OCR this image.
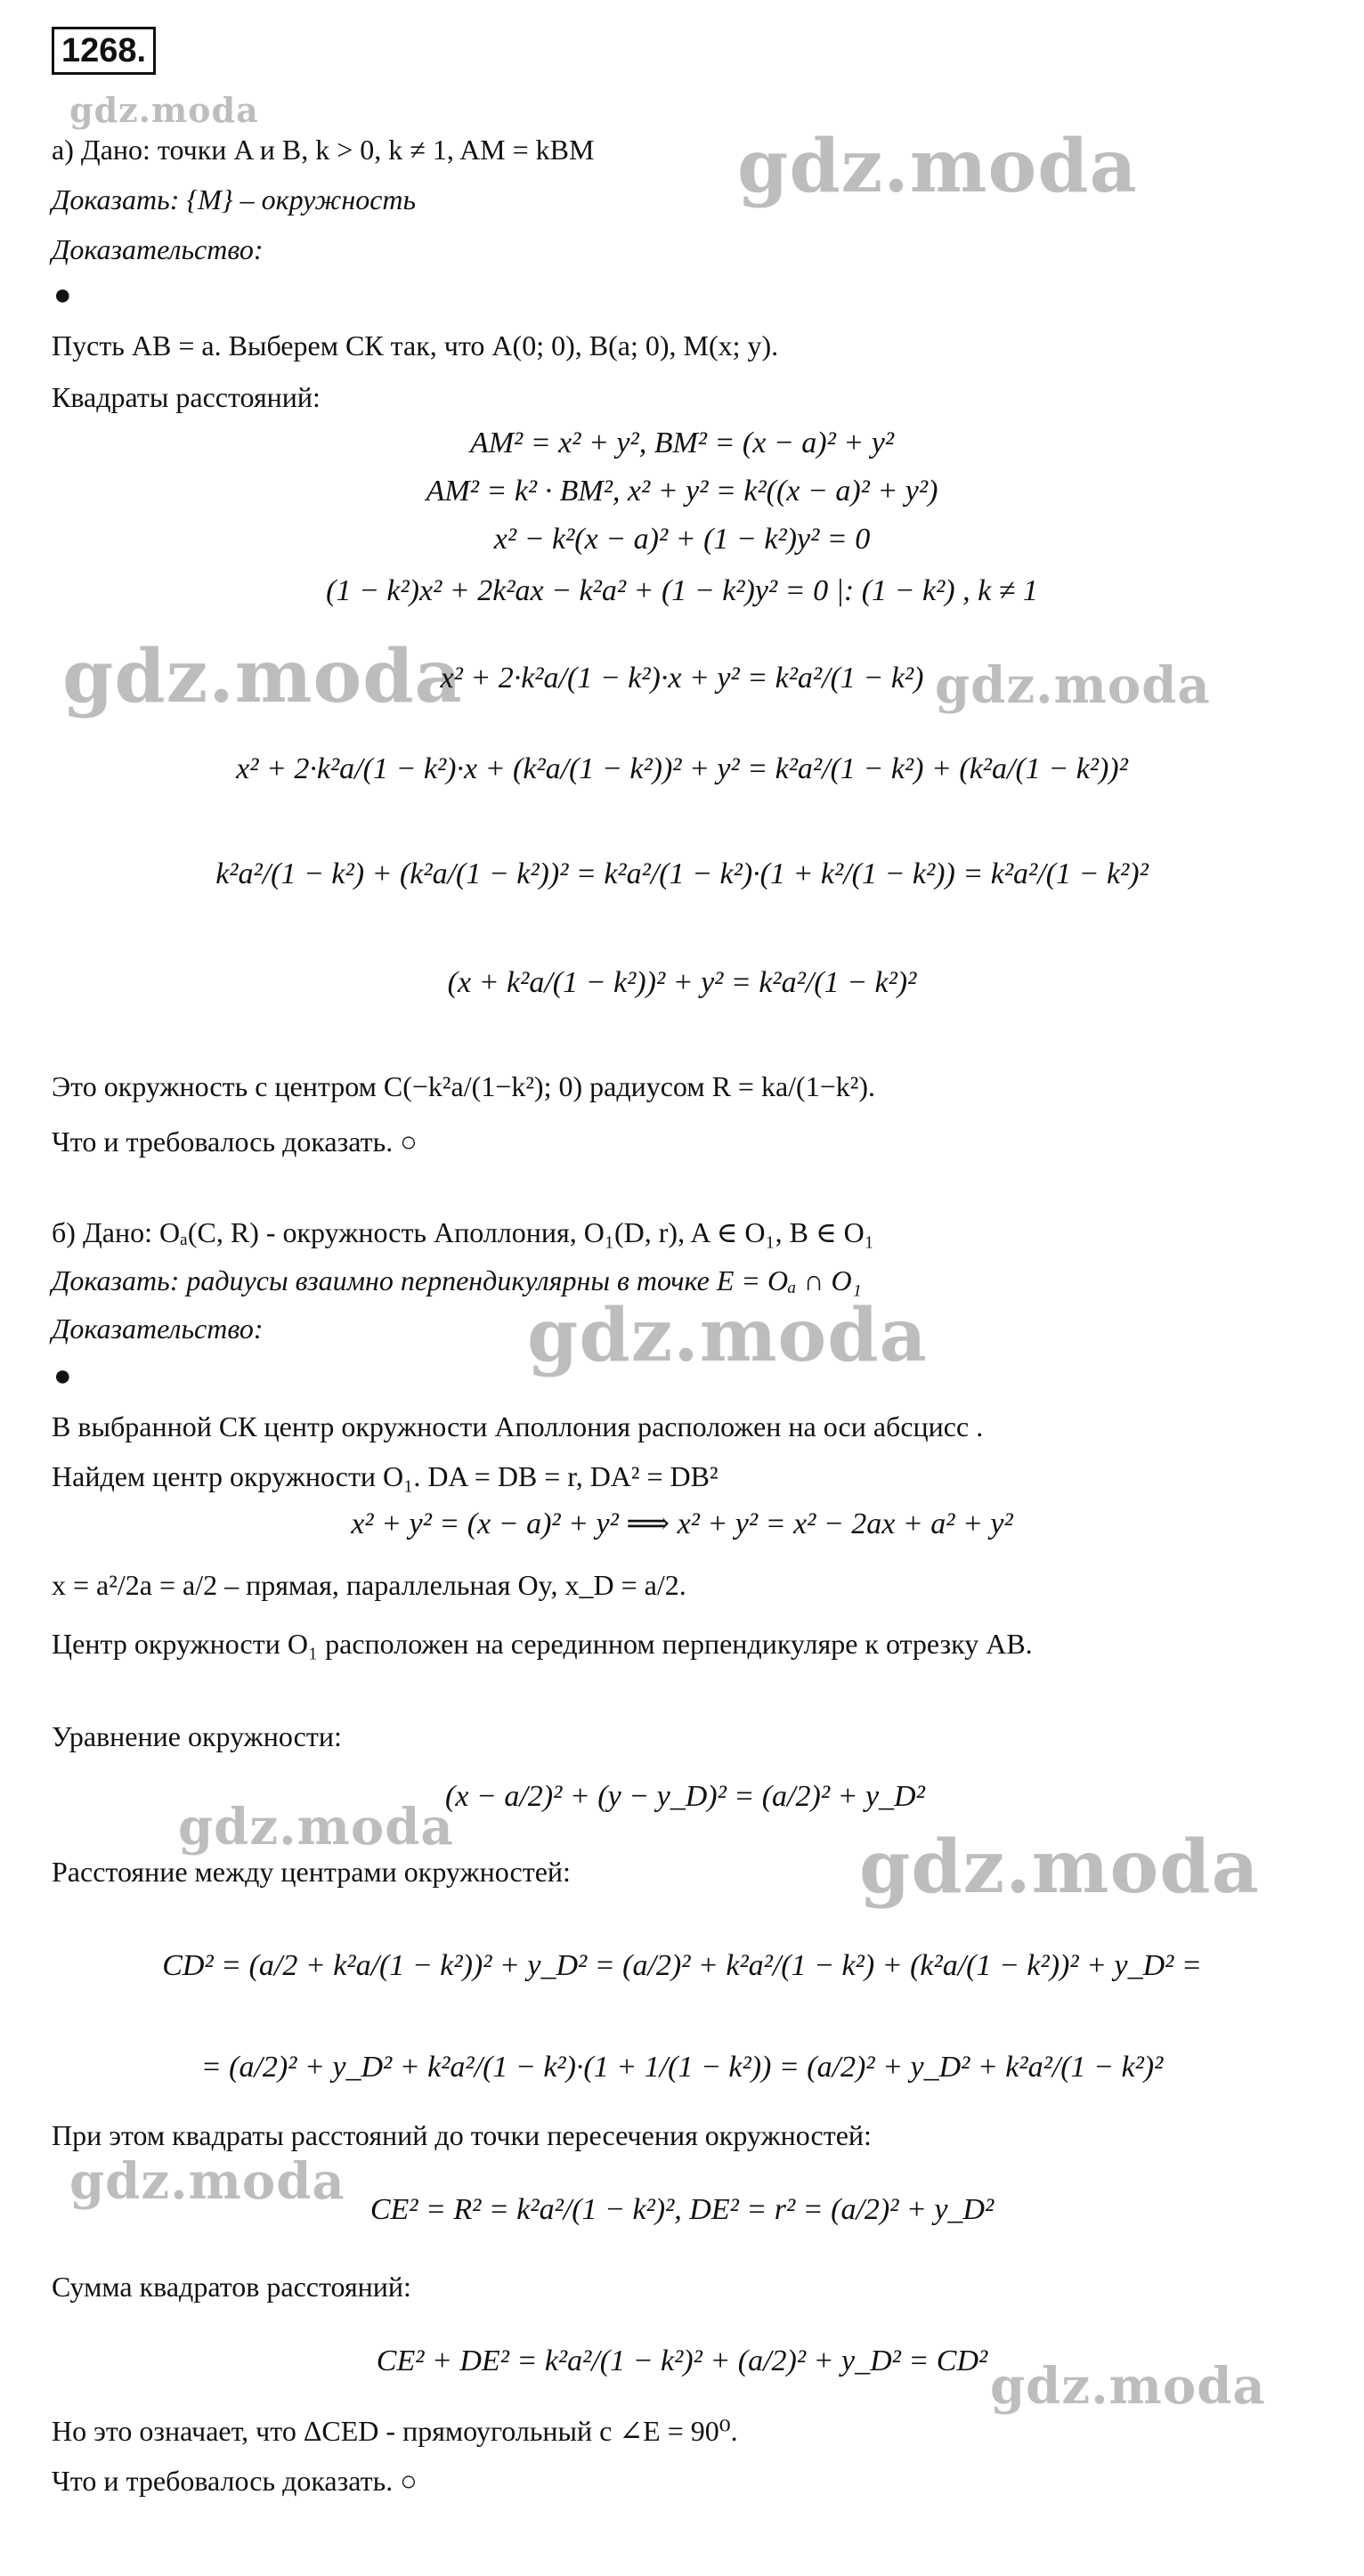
1268.
gdz.moda
gdz.moda
gdz.moda	gdz.moda
gdz.moda
gdz.moda	gdz.moda
gdz.moda
gdz.moda
а) Дано: точки A и B, k > 0, k ≠ 1, AM = kBM
Доказать: {M} – окружность
Доказательство:
●
Пусть AB = a. Выберем СК так, что A(0; 0), B(a; 0), M(x; y).
Квадраты расстояний:
AM² = x² + y², BM² = (x − a)² + y²
AM² = k² · BM², x² + y² = k²((x − a)² + y²)
x² − k²(x − a)² + (1 − k²)y² = 0
(1 − k²)x² + 2k²ax − k²a² + (1 − k²)y² = 0 |: (1 − k²) , k ≠ 1
x² + 2·k²a/(1 − k²)·x + y² = k²a²/(1 − k²)
x² + 2·k²a/(1 − k²)·x + (k²a/(1 − k²))² + y² = k²a²/(1 − k²) + (k²a/(1 − k²))²
k²a²/(1 − k²) + (k²a/(1 − k²))² = k²a²/(1 − k²)·(1 + k²/(1 − k²)) = k²a²/(1 − k²)²
(x + k²a/(1 − k²))² + y² = k²a²/(1 − k²)²
Это окружность с центром C(−k²a/(1−k²); 0) радиусом R = ka/(1−k²).
Что и требовалось доказать. ○
б) Дано: Oₐ(C, R) - окружность Аполлония, O₁(D, r), A ∈ O₁, B ∈ O₁
Доказать: радиусы взаимно перпендикулярны в точке E = Oₐ ∩ O₁
Доказательство:
●
В выбранной СК центр окружности Аполлония расположен на оси абсцисс .
Найдем центр окружности O₁. DA = DB = r, DA² = DB²
x² + y² = (x − a)² + y² ⟹ x² + y² = x² − 2ax + a² + y²
x = a²/2a = a/2 – прямая, параллельная Oy, x_D = a/2.
Центр окружности O₁ расположен на серединном перпендикуляре к отрезку AB.
Уравнение окружности:
(x − a/2)² + (y − y_D)² = (a/2)² + y_D²
Расстояние между центрами окружностей:
CD² = (a/2 + k²a/(1 − k²))² + y_D² = (a/2)² + k²a²/(1 − k²) + (k²a/(1 − k²))² + y_D² =
= (a/2)² + y_D² + k²a²/(1 − k²)·(1 + 1/(1 − k²)) = (a/2)² + y_D² + k²a²/(1 − k²)²
При этом квадраты расстояний до точки пересечения окружностей:
CE² = R² = k²a²/(1 − k²)², DE² = r² = (a/2)² + y_D²
Сумма квадратов расстояний:
CE² + DE² = k²a²/(1 − k²)² + (a/2)² + y_D² = CD²
Но это означает, что ΔCED - прямоугольный с ∠E = 90⁰.
Что и требовалось доказать. ○
